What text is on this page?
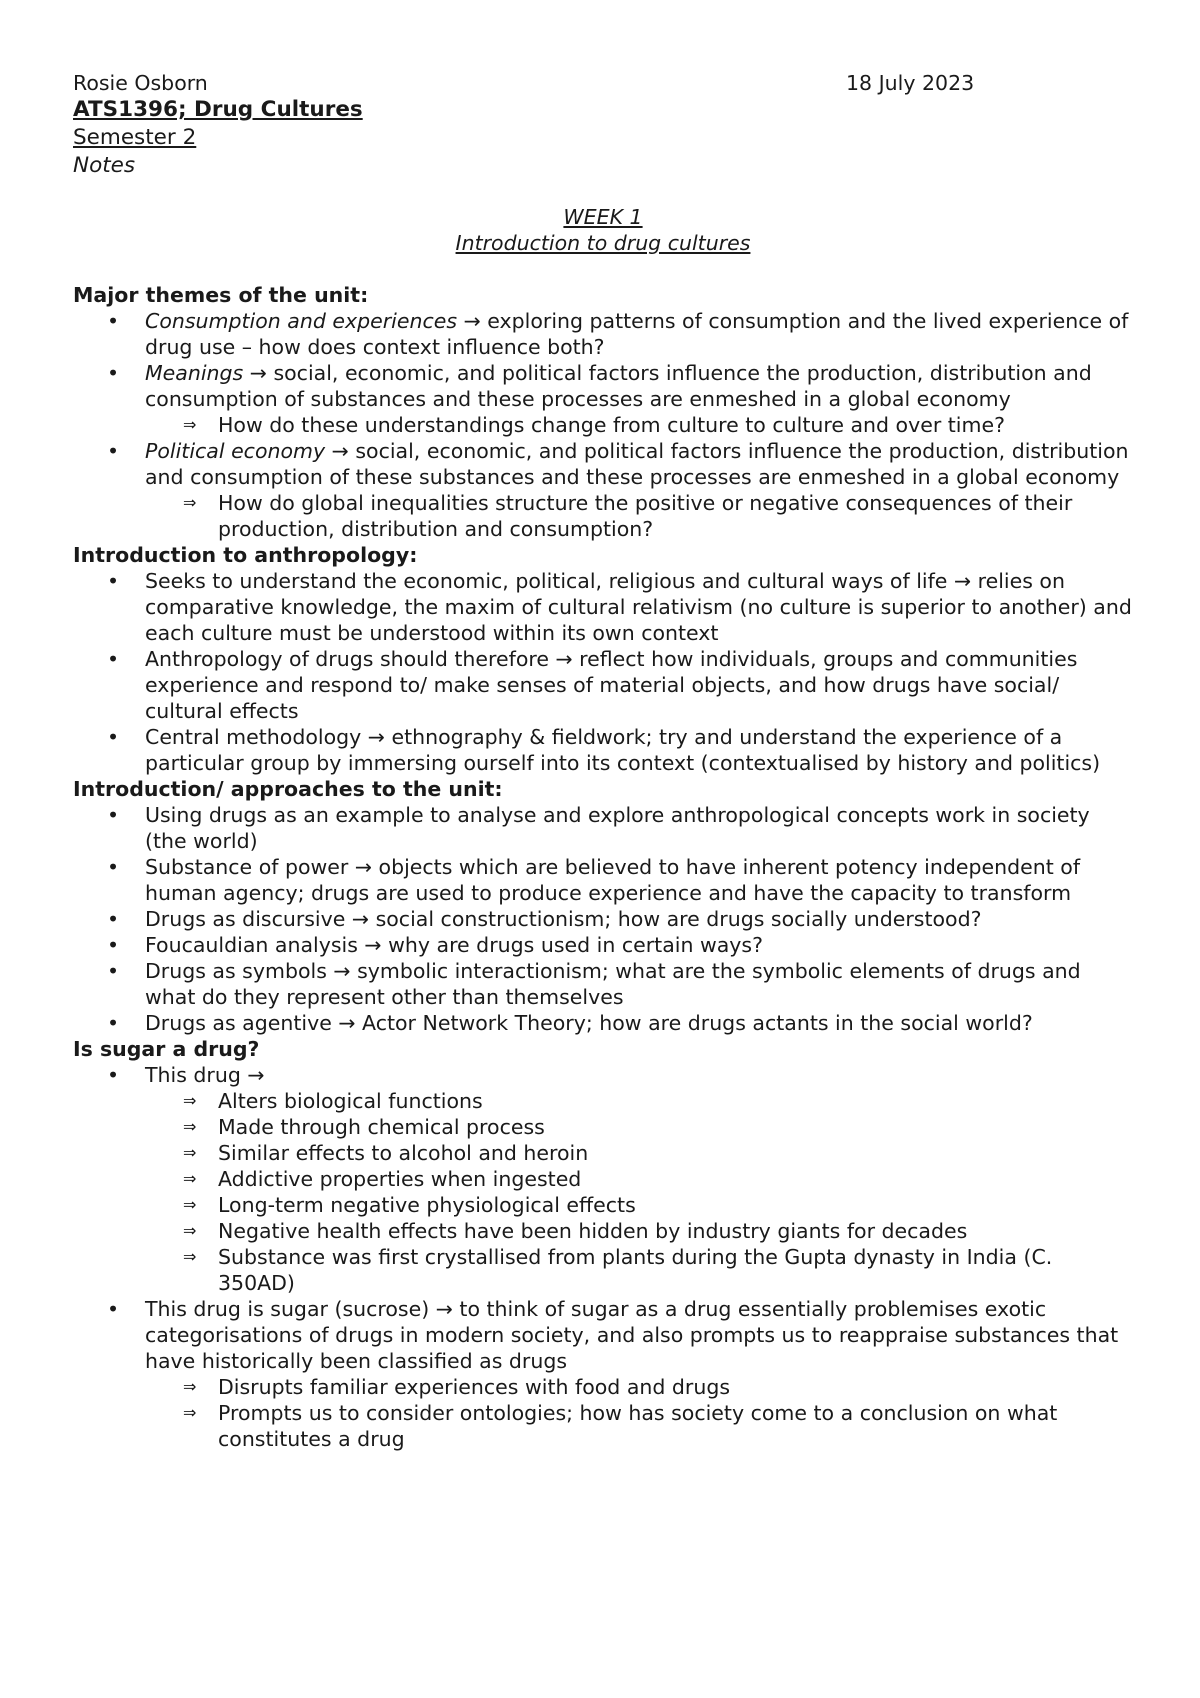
Rosie Osborn	18 July 2023
ATS1396; Drug Cultures
Semester 2
Notes
WEEK 1
Introduction to drug cultures
Major themes of the unit:
• Consumption and experiences → exploring patterns of consumption and the lived experience of drug use – how does context influence both?
• Meanings → social, economic, and political factors influence the production, distribution and consumption of substances and these processes are enmeshed in a global economy
⇒ How do these understandings change from culture to culture and over time?
• Political economy → social, economic, and political factors influence the production, distribution and consumption of these substances and these processes are enmeshed in a global economy
⇒ How do global inequalities structure the positive or negative consequences of their production, distribution and consumption?
Introduction to anthropology:
• Seeks to understand the economic, political, religious and cultural ways of life → relies on comparative knowledge, the maxim of cultural relativism (no culture is superior to another) and each culture must be understood within its own context
• Anthropology of drugs should therefore → reflect how individuals, groups and communities experience and respond to/ make senses of material objects, and how drugs have social/ cultural effects
• Central methodology → ethnography & fieldwork; try and understand the experience of a particular group by immersing ourself into its context (contextualised by history and politics)
Introduction/ approaches to the unit:
• Using drugs as an example to analyse and explore anthropological concepts work in society (the world)
• Substance of power → objects which are believed to have inherent potency independent of human agency; drugs are used to produce experience and have the capacity to transform
• Drugs as discursive → social constructionism; how are drugs socially understood?
• Foucauldian analysis → why are drugs used in certain ways?
• Drugs as symbols → symbolic interactionism; what are the symbolic elements of drugs and what do they represent other than themselves
• Drugs as agentive → Actor Network Theory; how are drugs actants in the social world?
Is sugar a drug?
• This drug →
⇒ Alters biological functions
⇒ Made through chemical process
⇒ Similar effects to alcohol and heroin
⇒ Addictive properties when ingested
⇒ Long-term negative physiological effects
⇒ Negative health effects have been hidden by industry giants for decades
⇒ Substance was first crystallised from plants during the Gupta dynasty in India (C. 350AD)
• This drug is sugar (sucrose) → to think of sugar as a drug essentially problemises exotic categorisations of drugs in modern society, and also prompts us to reappraise substances that have historically been classified as drugs
⇒ Disrupts familiar experiences with food and drugs
⇒ Prompts us to consider ontologies; how has society come to a conclusion on what constitutes a drug
